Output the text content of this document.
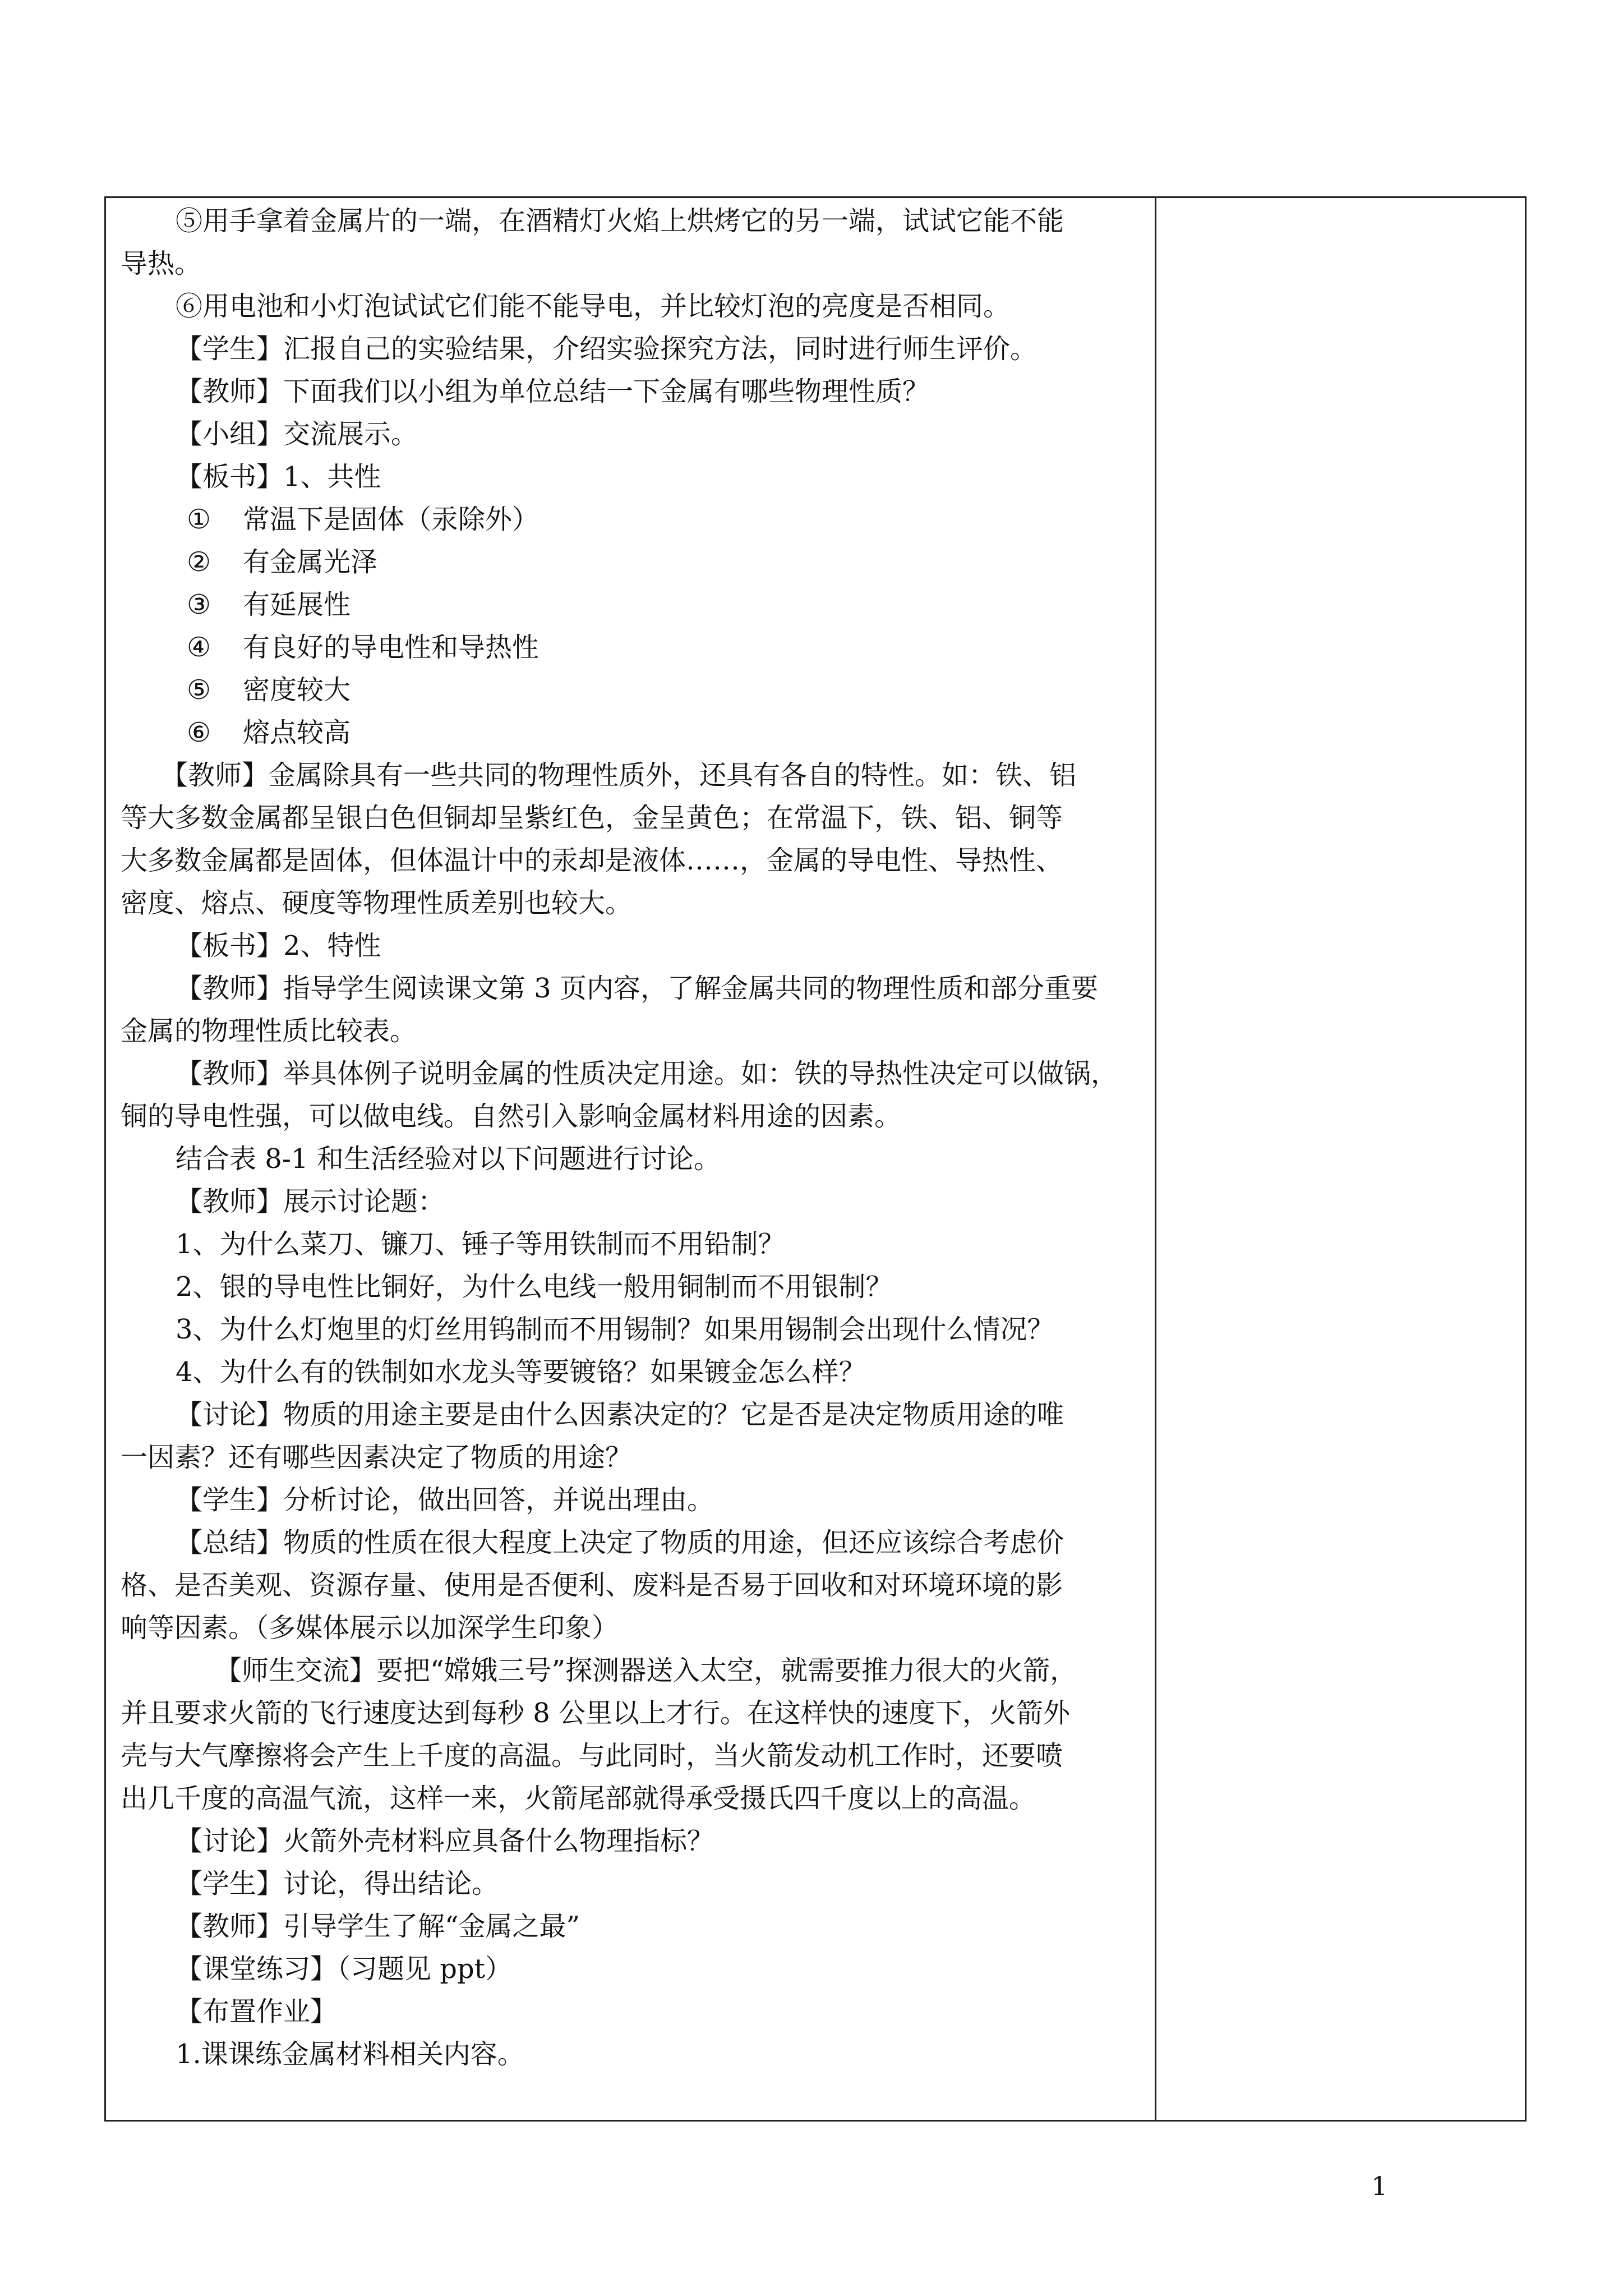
⑤用手拿着金属片的一端，在酒精灯火焰上烘烤它的另一端，试试它能不能
导热。
⑥用电池和小灯泡试试它们能不能导电，并比较灯泡的亮度是否相同。
【学生】汇报自己的实验结果，介绍实验探究方法，同时进行师生评价。
【教师】下面我们以小组为单位总结一下金属有哪些物理性质？
【小组】交流展示。
【板书】1、共性
① 常温下是固体（汞除外）
② 有金属光泽
③ 有延展性
④ 有良好的导电性和导热性
⑤ 密度较大
⑥ 熔点较高
【教师】金属除具有一些共同的物理性质外，还具有各自的特性。如：铁、铝
等大多数金属都呈银白色但铜却呈紫红色，金呈黄色；在常温下，铁、铝、铜等
大多数金属都是固体，但体温计中的汞却是液体……，金属的导电性、导热性、
密度、熔点、硬度等物理性质差别也较大。
【板书】2、特性
【教师】指导学生阅读课文第 3 页内容，了解金属共同的物理性质和部分重要
金属的物理性质比较表。
【教师】举具体例子说明金属的性质决定用途。如：铁的导热性决定可以做锅，
铜的导电性强，可以做电线。自然引入影响金属材料用途的因素。
结合表 8-1 和生活经验对以下问题进行讨论。
【教师】展示讨论题：
1、为什么菜刀、镰刀、锤子等用铁制而不用铅制？
2、银的导电性比铜好，为什么电线一般用铜制而不用银制？
3、为什么灯炮里的灯丝用钨制而不用锡制？如果用锡制会出现什么情况？
4、为什么有的铁制如水龙头等要镀铬？如果镀金怎么样？
【讨论】物质的用途主要是由什么因素决定的？它是否是决定物质用途的唯
一因素？还有哪些因素决定了物质的用途？
【学生】分析讨论，做出回答，并说出理由。
【总结】物质的性质在很大程度上决定了物质的用途，但还应该综合考虑价
格、是否美观、资源存量、使用是否便利、废料是否易于回收和对环境环境的影
响等因素。（多媒体展示以加深学生印象）
【师生交流】要把“嫦娥三号”探测器送入太空，就需要推力很大的火箭，
并且要求火箭的飞行速度达到每秒 8 公里以上才行。在这样快的速度下，火箭外
壳与大气摩擦将会产生上千度的高温。与此同时，当火箭发动机工作时，还要喷
出几千度的高温气流，这样一来，火箭尾部就得承受摄氏四千度以上的高温。
【讨论】火箭外壳材料应具备什么物理指标？
【学生】讨论，得出结论。
【教师】引导学生了解“金属之最”
【课堂练习】（习题见 ppt）
【布置作业】
1.课课练金属材料相关内容。
1
